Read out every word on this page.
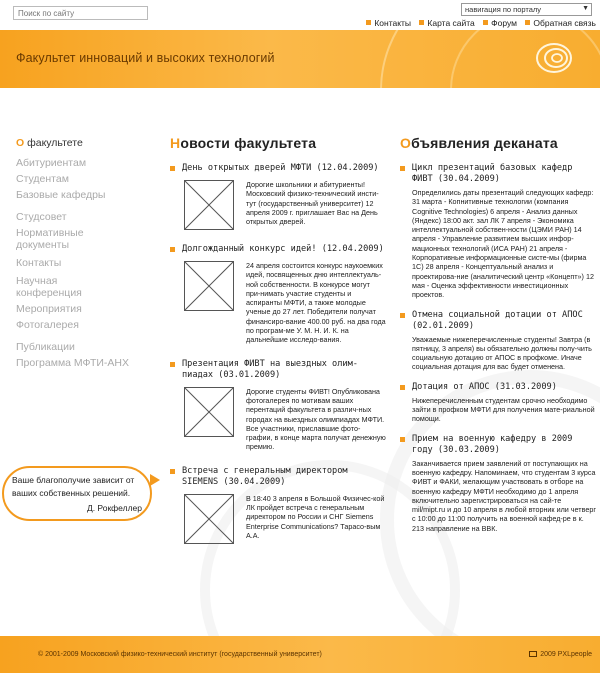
Поиск по сайту
навигация по порталу	▼
Контакты Карта сайта Форум Обратная связь
Факультет инноваций и высоких технологий
О факультете
Абитуриентам
Студентам
Базовые кафедры
Студсовет
Нормативные документы
Контакты
Научная конференция
Мероприятия
Фотогалерея
Публикации
Программа МФТИ-АНХ
Ваше благополучие зависит от ваших собственных решений.
Д. Рокфеллер
Новости факультета
День открытых дверей МФТИ (12.04.2009)
Дорогие школьники и абитуриенты! Московский физико-технический инсти-тут (государственный университет) 12 апреля 2009 г. приглашает Вас на День открытых дверей.
Долгожданный конкурс идей! (12.04.2009)
24 апреля состоится конкурс наукоемких идей, посвященных дню интеллектуаль-ной собственности. В конкурсе могут при-нимать участие студенты и аспиранты МФТИ, а также молодые ученые до 27 лет. Победители получат финансиро-вание 400.00 руб. на два года по програм-ме У. М. Н. И. К. на дальнейшие исследо-вания.
Презентация ФИВТ на выездных олим-пиадах (03.01.2009)
Дорогие студенты ФИВТ! Опубликована фотогалерея по мотивам ваших перентаций факультета в различ-ных городах на выездных олимпиадах МФТИ. Все участники, приславшие фото-графии, в конце марта получат денежную премию.
Встреча с генеральным директором SIEMENS (30.04.2009)
В 18:40 3 апреля в Большой Физичес-кой ЛК пройдет встреча с генеральным директором по России и СНГ Siemens Enterprise Communications? Тарасо-вым А.А.
Объявления деканата
Цикл презентаций базовых кафедр ФИВТ (30.04.2009)
Определились даты презентаций следующих кафедр: 31 марта - Копнитивные технологии (компания Cognitive Technologies) 6 апреля - Анализ данных (Яндекс) 18:00 акт. зал ЛК 7 апреля - Экономика интеллектуальной собствен-ности (ЦЭМИ РАН) 14 апреля - Управление развитием высших инфор-мационных технологий (ИСА РАН) 21 апреля - Корпоративные информационные систе-мы (фирма 1С) 28 апреля - Концептуальный анализ и проектирова-ние (аналитический центр «Концепт») 12 мая - Оценка эффективности инвестиционных проектов.
Отмена социальной дотации от АПОС (02.01.2009)
Уважаемые нижеперечисленные студенты! Завтра (в пятницу, 3 апреля) вы обязательно должны полу-чить социальную дотацию от АПОС в профкоме. Иначе социальная дотация для вас будет отменена.
Дотация от АПОС (31.03.2009)
Нижеперечисленным студентам срочно необходимо зайти в профком МФТИ для получения мате-риальной помощи.
Прием на военную кафедру в 2009 году (30.03.2009)
Заканчивается прием заявлений от поступающих на военную кафедру. Напоминаем, что студентам 3 курса ФИВТ и ФАКИ, желающим участвовать в отборе на военную кафедру МФТИ необходимо до 1 апреля включительно зарегистрироваться на сай-те mil/mipt.ru и до 10 апреля в любой вторник или четверг с 10:00 до 11:00 получить на военной кафед-ре в к. 213 направление на ВВК.
© 2001-2009 Московский физико-технический институт (государственный университет)	2009 PXLpeople
